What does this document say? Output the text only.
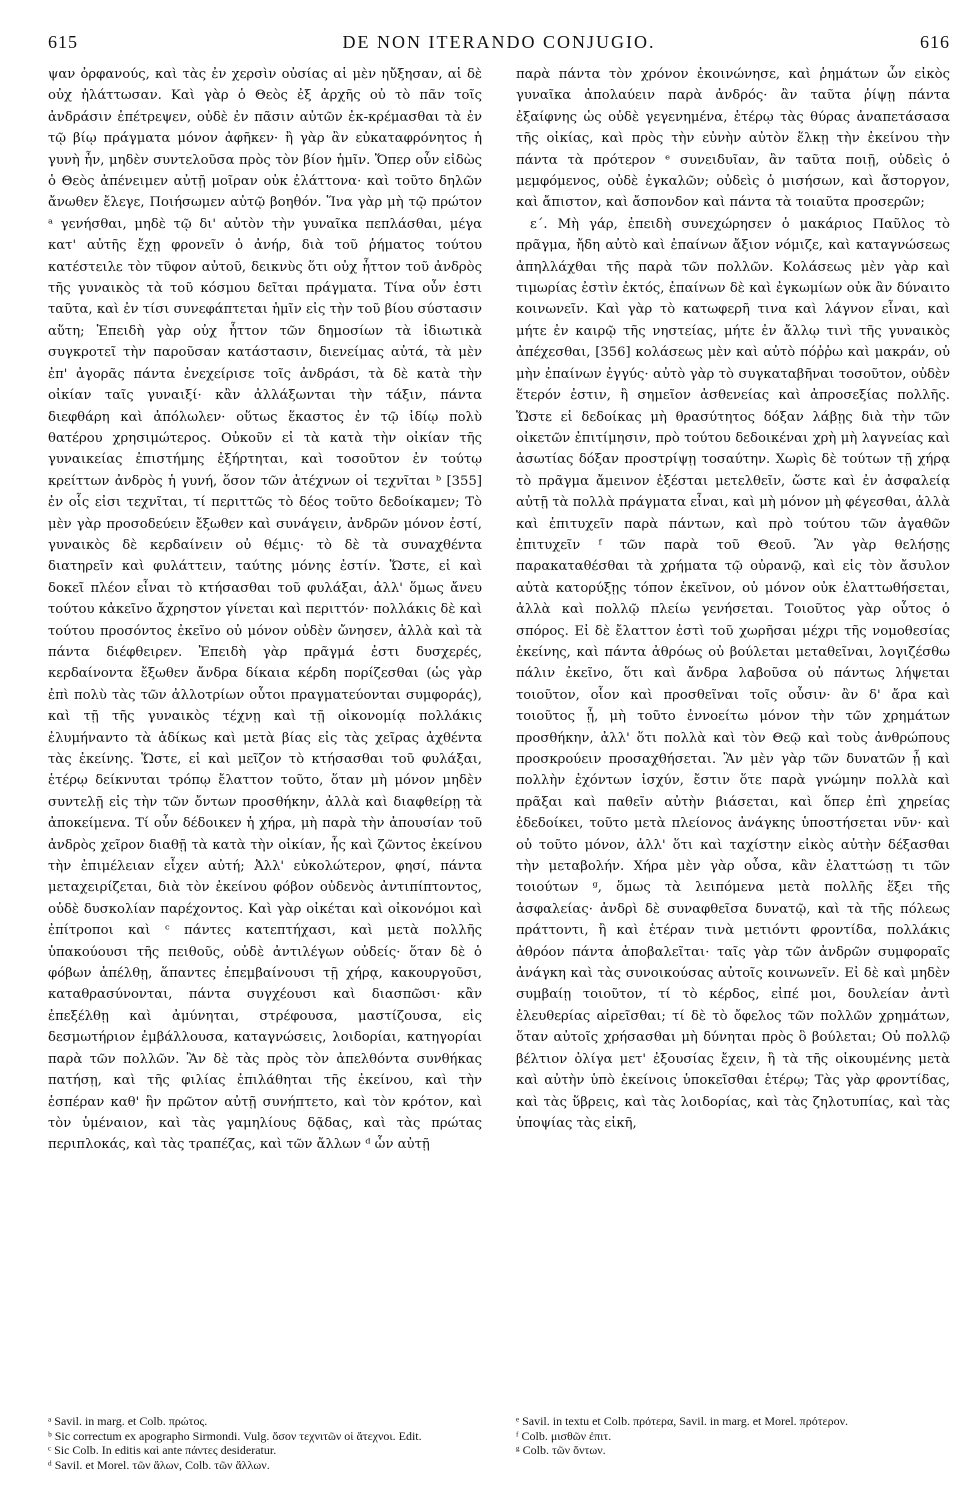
615	DE NON ITERANDO CONJUGIO.	616

ψαν ὀρφανούς, καὶ τὰς ἐν χερσὶν οὐσίας αἱ μὲν ηὔξησαν, αἱ δὲ οὐχ ἠλάττωσαν. Καὶ γὰρ ὁ Θεὸς ἐξ ἀρχῆς οὐ τὸ πᾶν τοῖς ἀνδράσιν ἐπέτρεψεν, οὐδὲ ἐν πᾶσιν αὐτῶν ἐκ-κρέμασθαι τὰ ἐν τῷ βίῳ πράγματα μόνον ἀφῆκεν· ἢ γὰρ ἂν εὐκαταφρόνητος ἡ γυνὴ ἦν, μηδὲν συντελοῦσα πρὸς τὸν βίον ἡμῖν. Ὅπερ οὖν εἰδὼς ὁ Θεὸς ἀπένειμεν αὐτῇ μοῖραν οὐκ ἐλάττονα· καὶ τοῦτο δηλῶν ἄνωθεν ἔλεγε, Ποιήσωμεν αὐτῷ βοηθόν. Ἵνα γὰρ μὴ τῷ πρώτον ᵃ γενήσθαι, μηδὲ τῷ δι' αὐτὸν τὴν γυναῖκα πεπλάσθαι, μέγα κατ' αὐτῆς ἔχῃ φρονεῖν ὁ ἀνήρ, διὰ τοῦ ῥήματος τούτου κατέστειλε τὸν τῦφον αὐτοῦ, δεικνὺς ὅτι οὐχ ἧττον τοῦ ἀνδρὸς τῆς γυναικὸς τὰ τοῦ κόσμου δεῖται πράγματα. Τίνα οὖν ἐστι ταῦτα, καὶ ἐν τίσι συνεφάπτεται ἡμῖν εἰς τὴν τοῦ βίου σύστασιν αὕτη; Ἐπειδὴ γὰρ οὐχ ἧττον τῶν δημοσίων τὰ ἰδιωτικὰ συγκροτεῖ τὴν παροῦσαν κατάστασιν, διενείμας αὐτά, τὰ μὲν ἐπ' ἀγορᾶς πάντα ἐνεχείρισε τοῖς ἀνδράσι, τὰ δὲ κατὰ τὴν οἰκίαν ταῖς γυναιξί· κἂν ἀλλάξωνται τὴν τάξιν, πάντα διεφθάρη καὶ ἀπόλωλεν· οὕτως ἕκαστος ἐν τῷ ἰδίῳ πολὺ θατέρου χρησιμώτερος. Οὐκοῦν εἰ τὰ κατὰ τὴν οἰκίαν τῆς γυναικείας ἐπιστήμης ἐξήρτηται, καὶ τοσοῦτον ἐν τούτῳ κρείττων ἀνδρὸς ἡ γυνή, ὅσον τῶν ἀτέχνων οἱ τεχνῖται ᵇ [355] ἐν οἷς εἰσι τεχνῖται, τί περιττῶς τὸ δέος τοῦτο δεδοίκαμεν; Τὸ μὲν γὰρ προσοδεύειν ἔξωθεν καὶ συνάγειν, ἀνδρῶν μόνον ἐστί, γυναικὸς δὲ κερδαίνειν οὐ θέμις· τὸ δὲ τὰ συναχθέντα διατηρεῖν καὶ φυλάττειν, ταύτης μόνης ἐστίν. Ὥστε, εἰ καὶ δοκεῖ πλέον εἶναι τὸ κτήσασθαι τοῦ φυλάξαι, ἀλλ' ὅμως ἄνευ τούτου κἀκεῖνο ἄχρηστον γίνεται καὶ περιττόν· πολλάκις δὲ καὶ τούτου προσόντος ἐκεῖνο οὐ μόνον οὐδὲν ὤνησεν, ἀλλὰ καὶ τὰ πάντα διέφθειρεν. Ἐπειδὴ γὰρ πρᾶγμά ἐστι δυσχερές, κερδαίνοντα ἔξωθεν ἄνδρα δίκαια κέρδη πορίζεσθαι (ὡς γὰρ ἐπὶ πολὺ τὰς τῶν ἀλλοτρίων οὗτοι πραγματεύονται συμφοράς), καὶ τῇ τῆς γυναικὸς τέχνῃ καὶ τῇ οἰκονομίᾳ πολλάκις ἐλυμήναντο τὰ ἀδίκως καὶ μετὰ βίας εἰς τὰς χεῖρας ἀχθέντα τὰς ἐκείνης. Ὥστε, εἰ καὶ μεῖζον τὸ κτήσασθαι τοῦ φυλάξαι, ἑτέρῳ δείκνυται τρόπῳ ἔλαττον τοῦτο, ὅταν μὴ μόνον μηδὲν συντελῇ εἰς τὴν τῶν ὄντων προσθήκην, ἀλλὰ καὶ διαφθείρῃ τὰ ἀποκείμενα. Τί οὖν δέδοικεν ἡ χήρα, μὴ παρὰ τὴν ἀπουσίαν τοῦ ἀνδρὸς χεῖρον διαθῇ τὰ κατὰ τὴν οἰκίαν, ἧς καὶ ζῶντος ἐκείνου τὴν ἐπιμέλειαν εἶχεν αὐτή; Ἀλλ' εὐκολώτερον, φησί, πάντα μεταχειρίζεται, διὰ τὸν ἐκείνου φόβον οὐδενὸς ἀντιπίπτοντος, οὐδὲ δυσκολίαν παρέχοντος. Καὶ γὰρ οἰκέται καὶ οἰκονόμοι καὶ ἐπίτροποι καὶ ᶜ πάντες κατεπτήχασι, καὶ μετὰ πολλῆς ὑπακούουσι τῆς πειθοῦς, οὐδὲ ἀντιλέγων οὐδείς· ὅταν δὲ ὁ φόβων ἀπέλθῃ, ἅπαντες ἐπεμβαίνουσι τῇ χήρᾳ, κακουργοῦσι, καταθρασύνονται, πάντα συγχέουσι καὶ διασπῶσι· κἂν ἐπεξέλθῃ καὶ ἀμύνηται, στρέφουσα, μαστίζουσα, εἰς δεσμωτήριον ἐμβάλλουσα, καταγνώσεις, λοιδορίαι, κατηγορίαι παρὰ τῶν πολλῶν. Ἂν δὲ τὰς πρὸς τὸν ἀπελθόντα συνθήκας πατήσῃ, καὶ τῆς φιλίας ἐπιλάθηται τῆς ἐκείνου, καὶ τὴν ἑσπέραν καθ' ἣν πρῶτον αὐτῇ συνήπτετο, καὶ τὸν κρότον, καὶ τὸν ὑμέναιον, καὶ τὰς γαμηλίους δᾷδας, καὶ τὰς πρώτας περιπλοκάς, καὶ τὰς τραπέζας, καὶ τῶν ἄλλων ᵈ ὧν αὐτῇ

παρὰ πάντα τὸν χρόνον ἐκοινώνησε, καὶ ῥημάτων ὧν εἰκὸς γυναῖκα ἀπολαύειν παρὰ ἀνδρός· ἂν ταῦτα ῥίψῃ πάντα ἐξαίφνης ὡς οὐδὲ γεγενημένα, ἑτέρῳ τὰς θύρας ἀναπετάσασα τῆς οἰκίας, καὶ πρὸς τὴν εὐνὴν αὐτὸν ἕλκῃ τὴν ἐκείνου τὴν πάντα τὰ πρότερον ᵉ συνειδυῖαν, ἂν ταῦτα ποιῇ, οὐδεὶς ὁ μεμφόμενος, οὐδὲ ἐγκαλῶν; οὐδεὶς ὁ μισήσων, καὶ ἄστοργον, καὶ ἄπιστον, καὶ ἄσπονδον καὶ πάντα τὰ τοιαῦτα προσερῶν;

ε΄. Μὴ γάρ, ἐπειδὴ συνεχώρησεν ὁ μακάριος Παῦλος τὸ πρᾶγμα, ἤδη αὐτὸ καὶ ἐπαίνων ἄξιον νόμιζε, καὶ καταγνώσεως ἀπηλλάχθαι τῆς παρὰ τῶν πολλῶν. Κολάσεως μὲν γὰρ καὶ τιμωρίας ἐστὶν ἐκτός, ἐπαίνων δὲ καὶ ἐγκωμίων οὐκ ἂν δύναιτο κοινωνεῖν. Καὶ γὰρ τὸ κατωφερῆ τινα καὶ λάγνον εἶναι, καὶ μήτε ἐν καιρῷ τῆς νηστείας, μήτε ἐν ἄλλῳ τινὶ τῆς γυναικὸς ἀπέχεσθαι, [356] κολάσεως μὲν καὶ αὐτὸ πόῤῥω καὶ μακράν, οὐ μὴν ἐπαίνων ἐγγύς· αὐτὸ γὰρ τὸ συγκαταβῆναι τοσοῦτον, οὐδὲν ἕτερόν ἐστιν, ἢ σημεῖον ἀσθενείας καὶ ἀπροσεξίας πολλῆς. Ὥστε εἰ δεδοίκας μὴ θρασύτητος δόξαν λάβῃς διὰ τὴν τῶν οἰκετῶν ἐπιτίμησιν, πρὸ τούτου δεδοικέναι χρὴ μὴ λαγνείας καὶ ἀσωτίας δόξαν προστρίψῃ τοσαύτην. Χωρὶς δὲ τούτων τῇ χήρᾳ τὸ πρᾶγμα ἄμεινον ἐξέσται μετελθεῖν, ὥστε καὶ ἐν ἀσφαλείᾳ αὐτῇ τὰ πολλὰ πράγματα εἶναι, καὶ μὴ μόνον μὴ φέγεσθαι, ἀλλὰ καὶ ἐπιτυχεῖν παρὰ πάντων, καὶ πρὸ τούτου τῶν ἀγαθῶν ἐπιτυχεῖν ᶠ τῶν παρὰ τοῦ Θεοῦ. Ἂν γὰρ θελήσῃς παρακαταθέσθαι τὰ χρήματα τῷ οὐρανῷ, καὶ εἰς τὸν ἄσυλον αὐτὰ κατορύξῃς τόπον ἐκεῖνον, οὐ μόνον οὐκ ἐλαττωθήσεται, ἀλλὰ καὶ πολλῷ πλείω γενήσεται. Τοιοῦτος γὰρ οὗτος ὁ σπόρος. Εἰ δὲ ἔλαττον ἐστὶ τοῦ χωρῆσαι μέχρι τῆς νομοθεσίας ἐκείνης, καὶ πάντα ἀθρόως οὐ βούλεται μεταθεῖναι, λογιζέσθω πάλιν ἐκεῖνο, ὅτι καὶ ἄνδρα λαβοῦσα οὐ πάντως λήψεται τοιοῦτον, οἷον καὶ προσθεῖναι τοῖς οὖσιν· ἂν δ' ἄρα καὶ τοιοῦτος ᾖ, μὴ τοῦτο ἐννοείτω μόνον τὴν τῶν χρημάτων προσθήκην, ἀλλ' ὅτι πολλὰ καὶ τὸν Θεῷ καὶ τοὺς ἀνθρώπους προσκρούειν προσαχθήσεται. Ἂν μὲν γὰρ τῶν δυνατῶν ᾖ καὶ πολλὴν ἐχόντων ἰσχύν, ἔστιν ὅτε παρὰ γνώμην πολλὰ καὶ πρᾶξαι καὶ παθεῖν αὐτὴν βιάσεται, καὶ ὅπερ ἐπὶ χηρείας ἐδεδοίκει, τοῦτο μετὰ πλείονος ἀνάγκης ὑποστήσεται νῦν· καὶ οὐ τοῦτο μόνον, ἀλλ' ὅτι καὶ ταχίστην εἰκὸς αὐτὴν δέξασθαι τὴν μεταβολήν. Χήρα μὲν γὰρ οὖσα, κἂν ἐλαττώσῃ τι τῶν τοιούτων ᵍ, ὅμως τὰ λειπόμενα μετὰ πολλῆς ἕξει τῆς ἀσφαλείας· ἀνδρὶ δὲ συναφθεῖσα δυνατῷ, καὶ τὰ τῆς πόλεως πράττοντι, ἢ καὶ ἑτέραν τινὰ μετιόντι φροντίδα, πολλάκις ἀθρόον πάντα ἀποβαλεῖται· ταῖς γὰρ τῶν ἀνδρῶν συμφοραῖς ἀνάγκη καὶ τὰς συνοικούσας αὐτοῖς κοινωνεῖν. Εἰ δὲ καὶ μηδὲν συμβαίῃ τοιοῦτον, τί τὸ κέρδος, εἰπέ μοι, δουλείαν ἀντὶ ἐλευθερίας αἱρεῖσθαι; τί δὲ τὸ ὄφελος τῶν πολλῶν χρημάτων, ὅταν αὐτοῖς χρήσασθαι μὴ δύνηται πρὸς ὃ βούλεται; Οὐ πολλῷ βέλτιον ὀλίγα μετ' ἐξουσίας ἔχειν, ἢ τὰ τῆς οἰκουμένης μετὰ καὶ αὐτὴν ὑπὸ ἐκείνοις ὑποκεῖσθαι ἑτέρῳ; Τὰς γὰρ φροντίδας, καὶ τὰς ὕβρεις, καὶ τὰς λοιδορίας, καὶ τὰς ζηλοτυπίας, καὶ τὰς ὑποψίας τὰς εἰκῆ,

ᵃ Savil. in marg. et Colb. πρώτος.

ᵇ Sic correctum ex apographo Sirmondi. Vulg. ὅσον τεχνιτῶν οἱ ἄτεχνοι. Edit.

ᶜ Sic Colb. In editis καὶ ante πάντες desideratur.

ᵈ Savil. et Morel. τῶν ἄλων, Colb. τῶν ἄλλων.

ᵉ Savil. in textu et Colb. πρότερα, Savil. in marg. et Morel. πρότερον.

ᶠ Colb. μισθῶν ἐπιτ.

ᵍ Colb. τῶν ὄντων.
